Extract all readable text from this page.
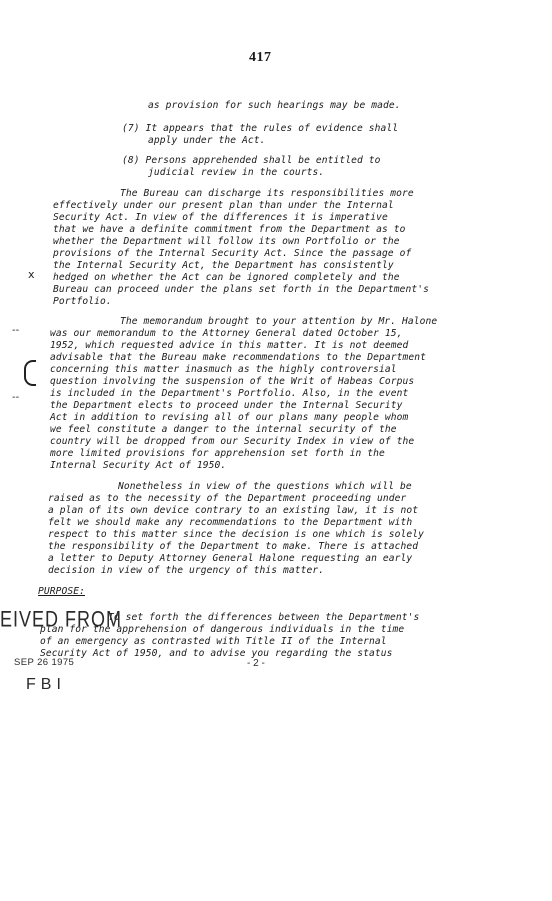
417
as provision for such hearings may be made.
(7) It appears that the rules of evidence shall
apply under the Act.
(8) Persons apprehended shall be entitled to
judicial review in the courts.
The Bureau can discharge its responsibilities more
effectively under our present plan than under the Internal
Security Act. In view of the differences it is imperative
that we have a definite commitment from the Department as to
whether the Department will follow its own Portfolio or the
provisions of the Internal Security Act. Since the passage of
the Internal Security Act, the Department has consistently
hedged on whether the Act can be ignored completely and the
Bureau can proceed under the plans set forth in the Department's
Portfolio.
The memorandum brought to your attention by Mr. Halone
was our memorandum to the Attorney General dated October 15,
1952, which requested advice in this matter. It is not deemed
advisable that the Bureau make recommendations to the Department
concerning this matter inasmuch as the highly controversial
question involving the suspension of the Writ of Habeas Corpus
is included in the Department's Portfolio. Also, in the event
the Department elects to proceed under the Internal Security
Act in addition to revising all of our plans many people whom
we feel constitute a danger to the internal security of the
country will be dropped from our Security Index in view of the
more limited provisions for apprehension set forth in the
Internal Security Act of 1950.
Nonetheless in view of the questions which will be
raised as to the necessity of the Department proceeding under
a plan of its own device contrary to an existing law, it is not
felt we should make any recommendations to the Department with
respect to this matter since the decision is one which is solely
the responsibility of the Department to make. There is attached
a letter to Deputy Attorney General Halone requesting an early
decision in view of the urgency of this matter.
PURPOSE:
To set forth the differences between the Department's
plan for the apprehension of dangerous individuals in the time
of an emergency as contrasted with Title II of the Internal
Security Act of 1950, and to advise you regarding the status
x
--
--
EIVED FROM
SEP 26 1975
FBI
- 2 -
